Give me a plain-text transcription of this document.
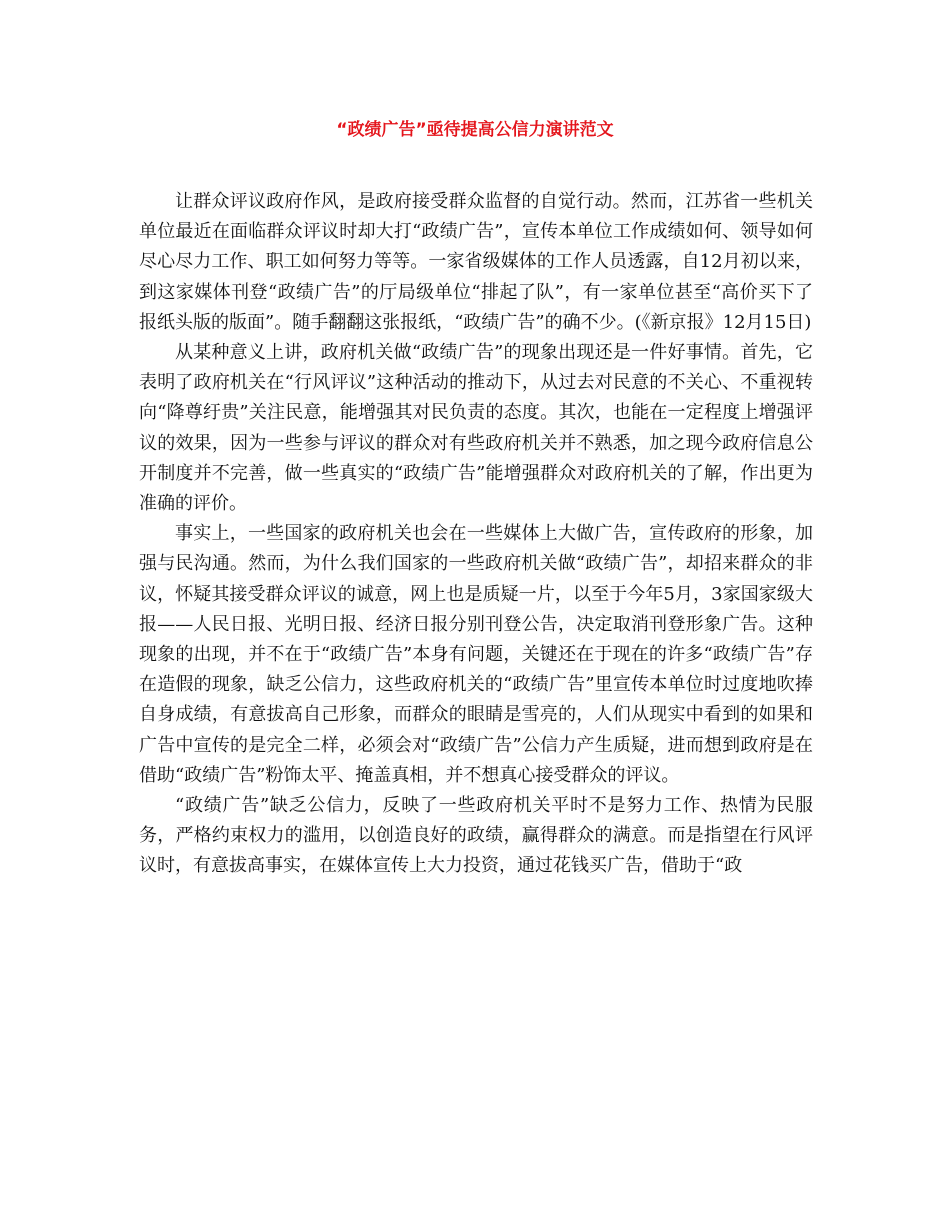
“政绩广告”亟待提高公信力演讲范文

让群众评议政府作风，是政府接受群众监督的自觉行动。然而，江苏省一些机关单位最近在面临群众评议时却大打“政绩广告”，宣传本单位工作成绩如何、领导如何尽心尽力工作、职工如何努力等等。一家省级媒体的工作人员透露，自12月初以来，到这家媒体刊登“政绩广告”的厅局级单位“排起了队”，有一家单位甚至“高价买下了报纸头版的版面”。随手翻翻这张报纸，“政绩广告”的确不少。(《新京报》12月15日)

从某种意义上讲，政府机关做“政绩广告”的现象出现还是一件好事情。首先，它表明了政府机关在“行风评议”这种活动的推动下，从过去对民意的不关心、不重视转向“降尊纡贵”关注民意，能增强其对民负责的态度。其次，也能在一定程度上增强评议的效果，因为一些参与评议的群众对有些政府机关并不熟悉，加之现今政府信息公开制度并不完善，做一些真实的“政绩广告”能增强群众对政府机关的了解，作出更为准确的评价。

事实上，一些国家的政府机关也会在一些媒体上大做广告，宣传政府的形象，加强与民沟通。然而，为什么我们国家的一些政府机关做“政绩广告”，却招来群众的非议，怀疑其接受群众评议的诚意，网上也是质疑一片，以至于今年5月，3家国家级大报——人民日报、光明日报、经济日报分别刊登公告，决定取消刊登形象广告。这种现象的出现，并不在于“政绩广告”本身有问题，关键还在于现在的许多“政绩广告”存在造假的现象，缺乏公信力，这些政府机关的“政绩广告”里宣传本单位时过度地吹捧自身成绩，有意拔高自己形象，而群众的眼睛是雪亮的，人们从现实中看到的如果和广告中宣传的是完全二样，必须会对“政绩广告”公信力产生质疑，进而想到政府是在借助“政绩广告”粉饰太平、掩盖真相，并不想真心接受群众的评议。

“政绩广告”缺乏公信力，反映了一些政府机关平时不是努力工作、热情为民服务，严格约束权力的滥用，以创造良好的政绩，赢得群众的满意。而是指望在行风评议时，有意拔高事实，在媒体宣传上大力投资，通过花钱买广告，借助于“政
